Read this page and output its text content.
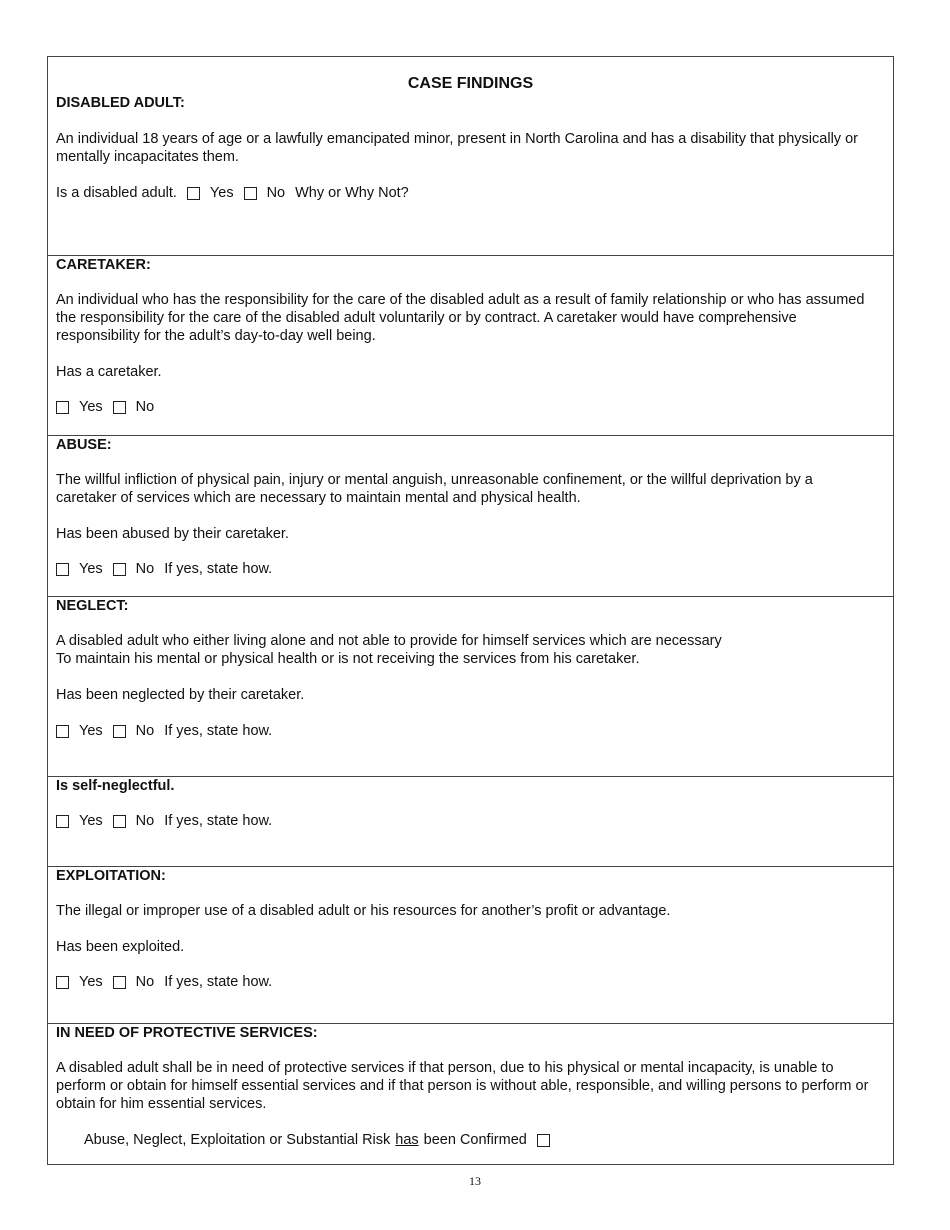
CASE FINDINGS
DISABLED ADULT:
An individual 18 years of age or a lawfully emancipated minor, present in North Carolina and has a disability that physically or mentally incapacitates them.
Is a disabled adult. Yes No Why or Why Not?
CARETAKER:
An individual who has the responsibility for the care of the disabled adult as a result of family relationship or who has assumed the responsibility for the care of the disabled adult voluntarily or by contract. A caretaker would have comprehensive responsibility for the adult’s day-to-day well being.
Has a caretaker.
Yes No
ABUSE:
The willful infliction of physical pain, injury or mental anguish, unreasonable confinement, or the willful deprivation by a caretaker of services which are necessary to maintain mental and physical health.
Has been abused by their caretaker.
Yes No If yes, state how.
NEGLECT:
A disabled adult who either living alone and not able to provide for himself services which are necessary
To maintain his mental or physical health or is not receiving the services from his caretaker.
Has been neglected by their caretaker.
Yes No If yes, state how.
Is self-neglectful.
Yes No If yes, state how.
EXPLOITATION:
The illegal or improper use of a disabled adult or his resources for another’s profit or advantage.
Has been exploited.
Yes No If yes, state how.
IN NEED OF PROTECTIVE SERVICES:
A disabled adult shall be in need of protective services if that person, due to his physical or mental incapacity, is unable to perform or obtain for himself essential services and if that person is without able, responsible, and willing persons to perform or obtain for him essential services.
Abuse, Neglect, Exploitation or Substantial Risk has been Confirmed
13
